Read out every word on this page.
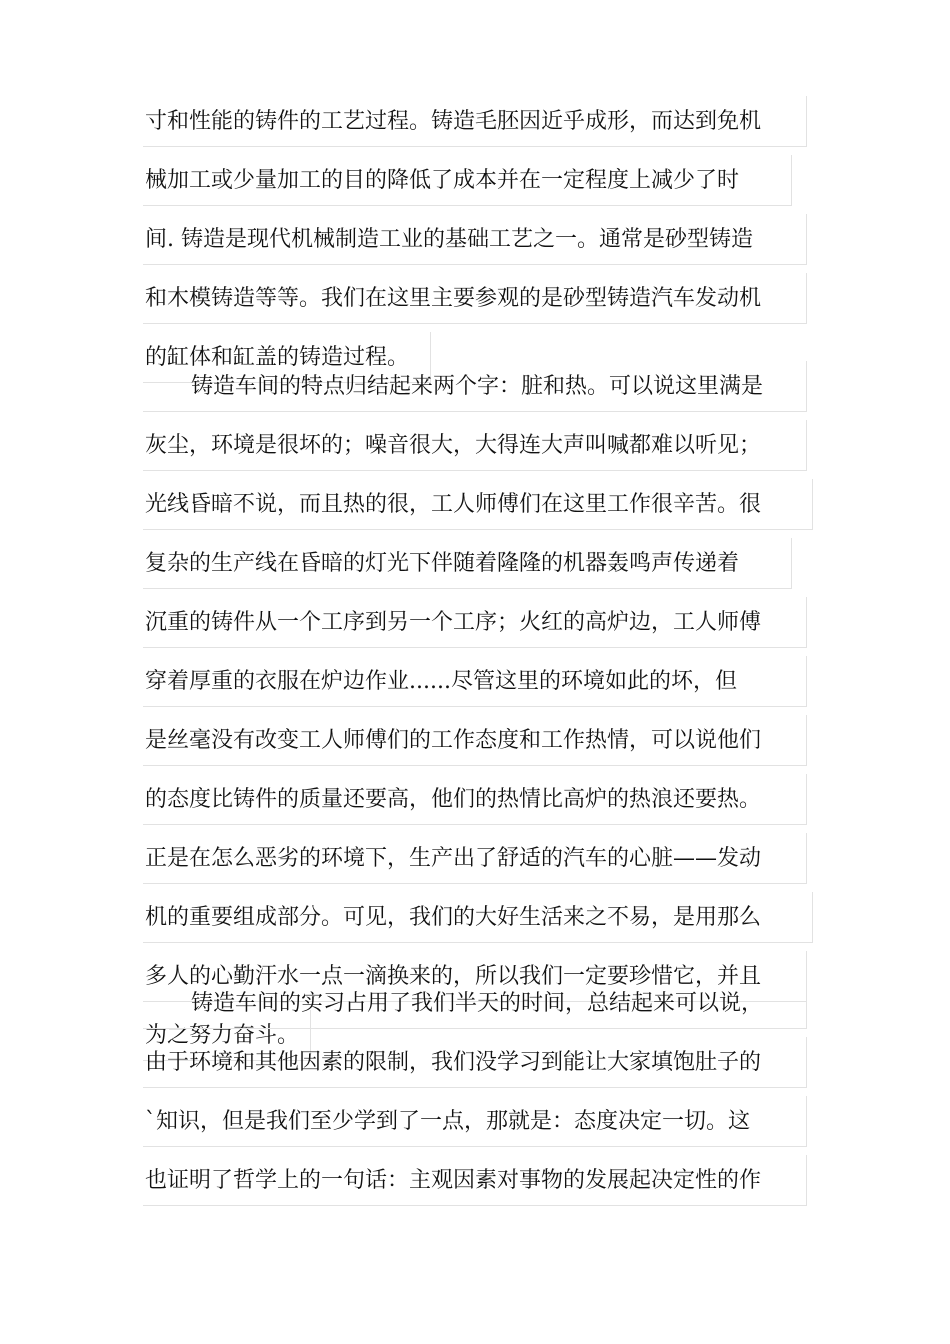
寸和性能的铸件的工艺过程。铸造毛胚因近乎成形，而达到免机
械加工或少量加工的目的降低了成本并在一定程度上减少了时
间. 铸造是现代机械制造工业的基础工艺之一。通常是砂型铸造
和木模铸造等等。我们在这里主要参观的是砂型铸造汽车发动机
的缸体和缸盖的铸造过程。
铸造车间的特点归结起来两个字：脏和热。可以说这里满是
灰尘，环境是很坏的；噪音很大，大得连大声叫喊都难以听见；
光线昏暗不说，而且热的很，工人师傅们在这里工作很辛苦。很
复杂的生产线在昏暗的灯光下伴随着隆隆的机器轰鸣声传递着
沉重的铸件从一个工序到另一个工序；火红的高炉边，工人师傅
穿着厚重的衣服在炉边作业......尽管这里的环境如此的坏，但
是丝毫没有改变工人师傅们的工作态度和工作热情，可以说他们
的态度比铸件的质量还要高，他们的热情比高炉的热浪还要热。
正是在怎么恶劣的环境下，生产出了舒适的汽车的心脏——发动
机的重要组成部分。可见，我们的大好生活来之不易，是用那么
多人的心勤汗水一点一滴换来的，所以我们一定要珍惜它，并且
为之努力奋斗。
铸造车间的实习占用了我们半天的时间，总结起来可以说，
由于环境和其他因素的限制，我们没学习到能让大家填饱肚子的
`知识，但是我们至少学到了一点，那就是：态度决定一切。这
也证明了哲学上的一句话：主观因素对事物的发展起决定性的作
